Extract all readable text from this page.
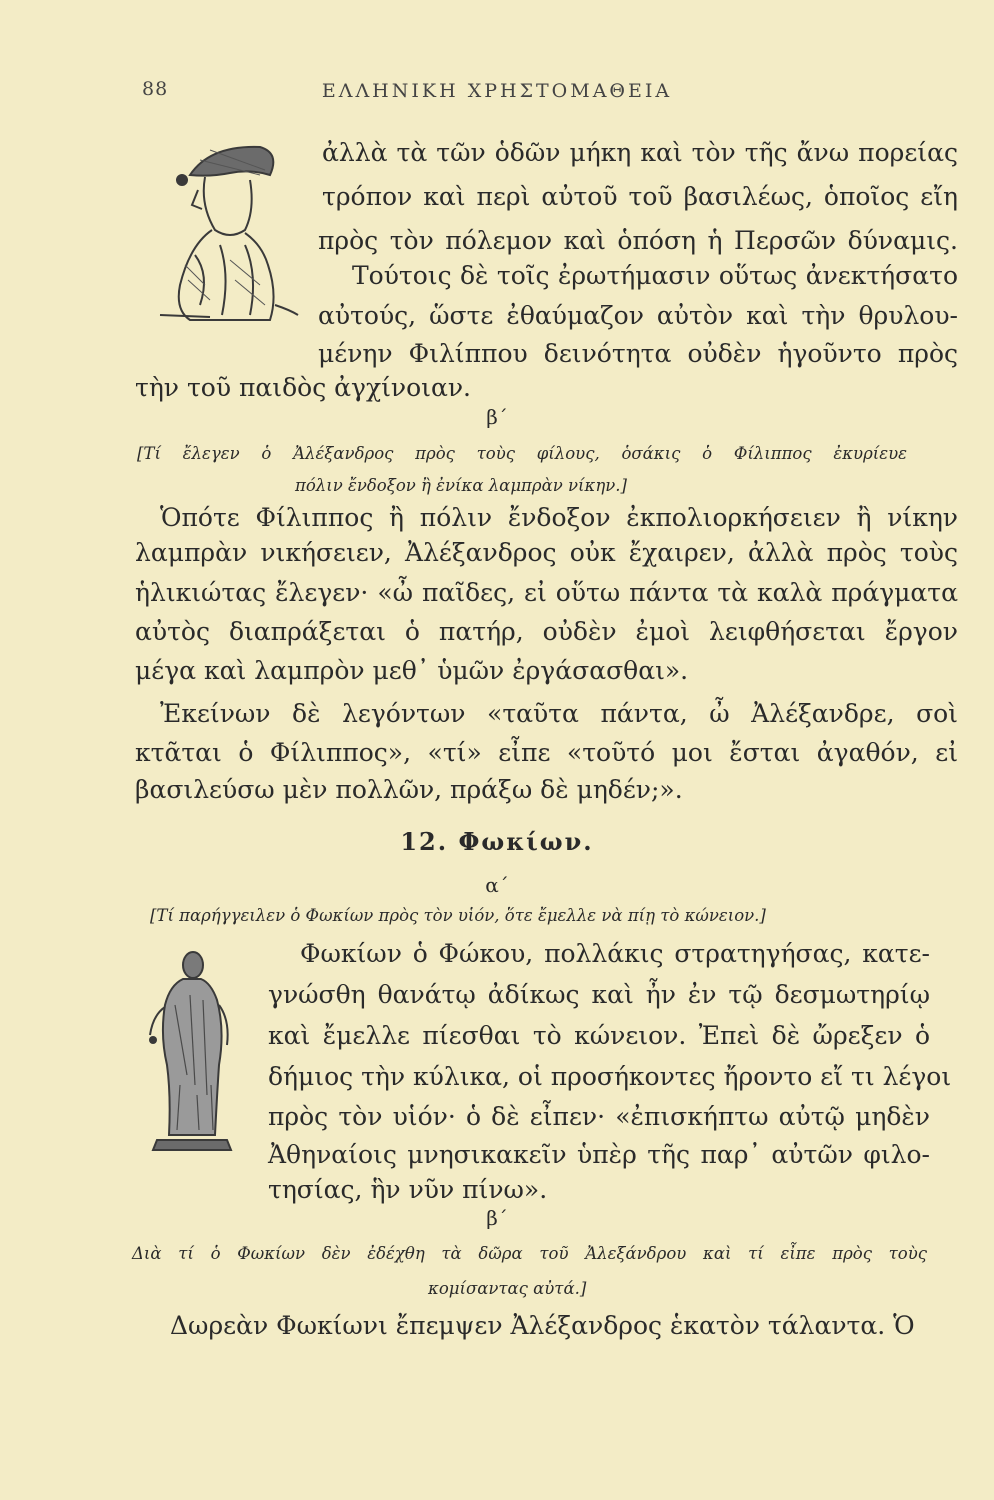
88	ΕΛΛΗΝΙΚΗ ΧΡΗΣΤΟΜΑΘΕΙΑ
ἀλλὰ τὰ τῶν ὁδῶν μήκη καὶ τὸν τῆς ἄνω πορείας
τρόπον καὶ περὶ αὐτοῦ τοῦ βασιλέως, ὁποῖος εἴη
πρὸς τὸν πόλεμον καὶ ὁπόση ἡ Περσῶν δύναμις.
Τούτοις δὲ τοῖς ἐρωτήμασιν οὕτως ἀνεκτήσατο
αὐτούς, ὥστε ἐθαύμαζον αὐτὸν καὶ τὴν θρυλου-
μένην Φιλίππου δεινότητα οὐδὲν ἡγοῦντο πρὸς
τὴν τοῦ παιδὸς ἀγχίνοιαν.
β΄
[Τί ἔλεγεν ὁ Ἀλέξανδρος πρὸς τοὺς φίλους, ὁσάκις ὁ Φίλιππος ἐκυρίευε
πόλιν ἔνδοξον ἢ ἐνίκα λαμπρὰν νίκην.]
Ὁπότε Φίλιππος ἢ πόλιν ἔνδοξον ἐκπολιορκήσειεν ἢ νίκην
λαμπρὰν νικήσειεν, Ἀλέξανδρος οὐκ ἔχαιρεν, ἀλλὰ πρὸς τοὺς
ἡλικιώτας ἔλεγεν· «ὦ παῖδες, εἰ οὕτω πάντα τὰ καλὰ πράγματα
αὐτὸς διαπράξεται ὁ πατήρ, οὐδὲν ἐμοὶ λειφθήσεται ἔργον
μέγα καὶ λαμπρὸν μεθ᾽ ὑμῶν ἐργάσασθαι».
Ἐκείνων δὲ λεγόντων «ταῦτα πάντα, ὦ Ἀλέξανδρε, σοὶ
κτᾶται ὁ Φίλιππος», «τί» εἶπε «τοῦτό μοι ἔσται ἀγαθόν, εἰ
βασιλεύσω μὲν πολλῶν, πράξω δὲ μηδέν;».
12. Φωκίων.
α΄
[Τί παρήγγειλεν ὁ Φωκίων πρὸς τὸν υἱόν, ὅτε ἔμελλε νὰ πίῃ τὸ κώνειον.]
Φωκίων ὁ Φώκου, πολλάκις στρατηγήσας, κατε-
γνώσθη θανάτῳ ἀδίκως καὶ ἦν ἐν τῷ δεσμωτηρίῳ
καὶ ἔμελλε πίεσθαι τὸ κώνειον. Ἐπεὶ δὲ ὤρεξεν ὁ
δήμιος τὴν κύλικα, οἱ προσήκοντες ἤροντο εἴ τι λέγοι
πρὸς τὸν υἱόν· ὁ δὲ εἶπεν· «ἐπισκήπτω αὐτῷ μηδὲν
Ἀθηναίοις μνησικακεῖν ὑπὲρ τῆς παρ᾽ αὐτῶν φιλο-
τησίας, ἣν νῦν πίνω».
β΄
Διὰ τί ὁ Φωκίων δὲν ἐδέχθη τὰ δῶρα τοῦ Ἀλεξάνδρου καὶ τί εἶπε πρὸς τοὺς
κομίσαντας αὐτά.]
Δωρεὰν Φωκίωνι ἔπεμψεν Ἀλέξανδρος ἑκατὸν τάλαντα. Ὁ
